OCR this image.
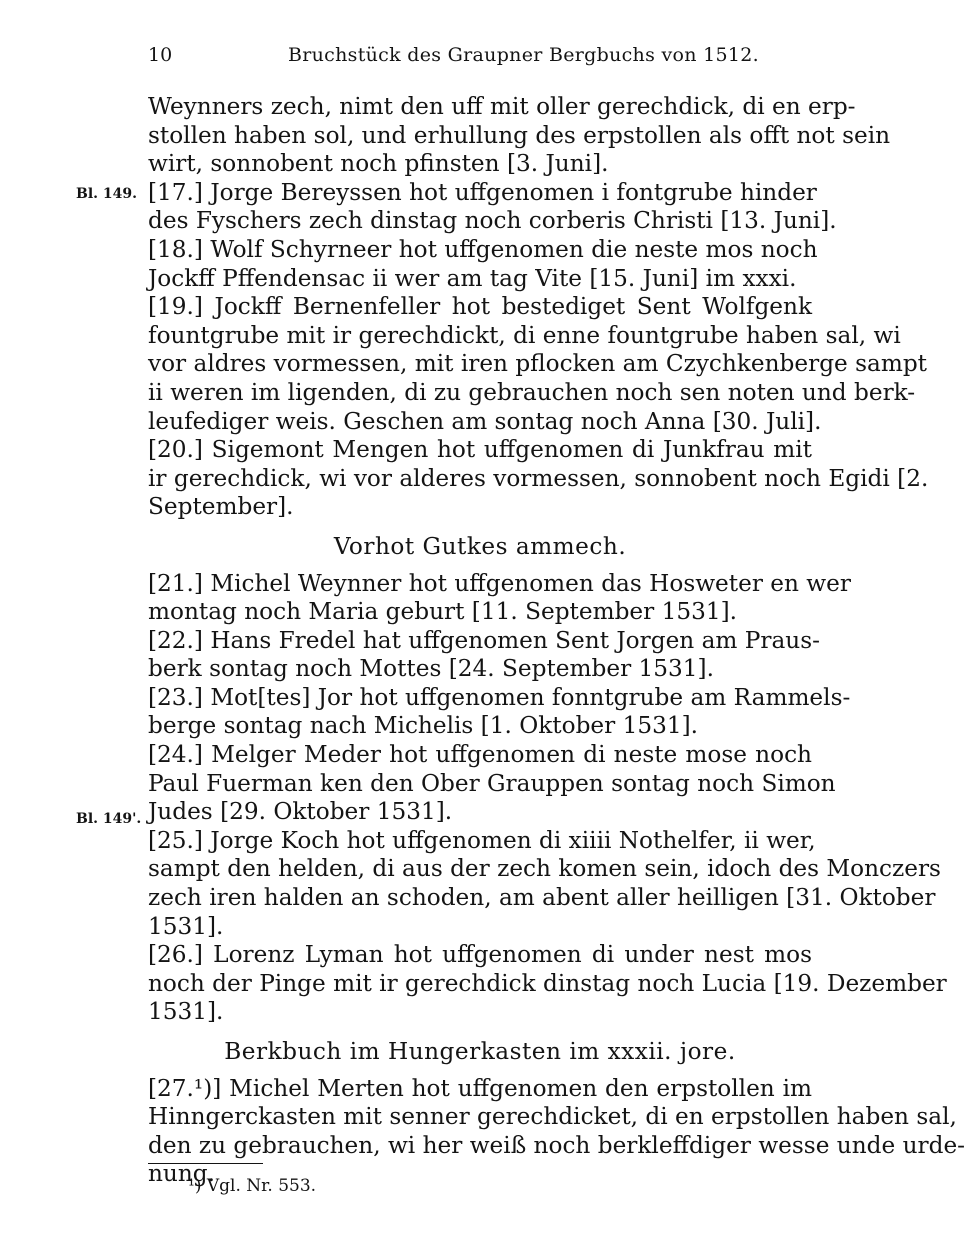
10	Bruchstück des Graupner Bergbuchs von 1512.
Bl. 149.
Bl. 149'.
Weynners zech, nimt den uff mit oller gerechdick, di en erp-
stollen haben sol, und erhullung des erpstollen als offt not sein
wirt, sonnobent noch pfinsten [3. Juni].
[17.] Jorge Bereyssen hot uffgenomen i fontgrube hinder
des Fyschers zech dinstag noch corberis Christi [13. Juni].
[18.] Wolf Schyrneer hot uffgenomen die neste mos noch
Jockff Pffendensac ii wer am tag Vite [15. Juni] im xxxi.
[19.] Jockff Bernenfeller hot bestediget Sent Wolfgenk
fountgrube mit ir gerechdickt, di enne fountgrube haben sal, wi
vor aldres vormessen, mit iren pflocken am Czychkenberge sampt
ii weren im ligenden, di zu gebrauchen noch sen noten und berk-
leufediger weis. Geschen am sontag noch Anna [30. Juli].
[20.] Sigemont Mengen hot uffgenomen di Junkfrau mit
ir gerechdick, wi vor alderes vormessen, sonnobent noch Egidi [2.
September].
Vorhot Gutkes ammech.
[21.] Michel Weynner hot uffgenomen das Hosweter en wer
montag noch Maria geburt [11. September 1531].
[22.] Hans Fredel hat uffgenomen Sent Jorgen am Praus-
berk sontag noch Mottes [24. September 1531].
[23.] Mot[tes] Jor hot uffgenomen fonntgrube am Rammels-
berge sontag nach Michelis [1. Oktober 1531].
[24.] Melger Meder hot uffgenomen di neste mose noch
Paul Fuerman ken den Ober Grauppen sontag noch Simon
Judes [29. Oktober 1531].
[25.] Jorge Koch hot uffgenomen di xiiii Nothelfer, ii wer,
sampt den helden, di aus der zech komen sein, idoch des Monczers
zech iren halden an schoden, am abent aller heilligen [31. Oktober
1531].
[26.] Lorenz Lyman hot uffgenomen di under nest mos
noch der Pinge mit ir gerechdick dinstag noch Lucia [19. Dezember
1531].
Berkbuch im Hungerkasten im xxxii. jore.
[27.¹)] Michel Merten hot uffgenomen den erpstollen im
Hinngerckasten mit senner gerechdicket, di en erpstollen haben sal,
den zu gebrauchen, wi her weiß noch berkleffdiger wesse unde urde-
nung.
¹) Vgl. Nr. 553.
